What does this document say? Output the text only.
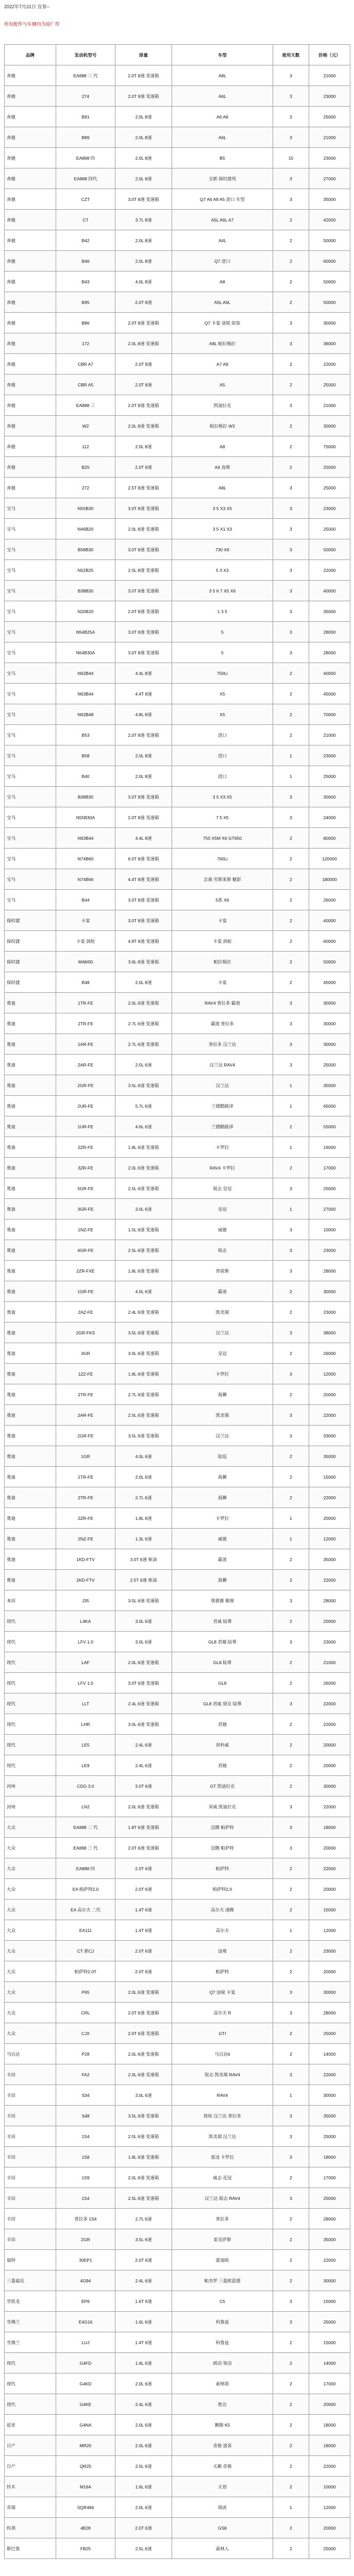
2022年7月21日 宜春--
所有配件与车辆均为原厂件
品牌	发动机型号	排量	车型	使用天数	价格（元）
奔驰	EA888 三 代	2.0T 8速 变速箱	A8L	3	21000
奔驰	274	2.0T 9速 变速箱	A6L	3	23000
奔驰	B91	2.0L 8速	A6 A8	3	25000
奔驰	B89	2.0L 8速	A6L	3	21000
奔驰	EA888 四	2.0L 8速	B5	15	23000
奔驰	EA888 四代	2.0L 8速	全新 保时捷用	3	27000
奔驰	CZT	3.0T 8速 变速箱	Q7 A6 A8 A5 进口 车型	3	35000
奔驰	CT	3.7L 8速	A5L A6L A7	2	42000
奔驰	B42	2.0L 8速	A4L	2	50000
奔驰	B46	2.0L 8速	Q7 进口	2	60000
奔驰	B43	4.0L 8速	A8	2	50000
奔驰	B95	2.0T 8速	A5L A6L	2	50000
奔驰	B86	2.0T 8速 变速箱	Q7 卡宴 途锐 原装	3	30000
奔驰	172	2.0L 8速 变速箱	A8L 帕拉梅拉	3	36000
奔驰	CBR A7	2.0T 8速	A7 A8	2	22000
奔驰	CBR A5	2.0T 8速	A5	2	25000
奔驰	EA888 三	2.0T 8速 变速箱	凯迪拉克	3	21000
奔驰	W2	2.0L 8速 变速箱	帕拉梅拉 W2	2	30000
奔驰	112	2.0L 8速	A8	2	75000
奔驰	B25	2.0T 8速	A4 直喷	2	25000
奔驰	272	2.5T 8速 变速箱	A8L	3	25000
宝马	N55B30	3.0T 8速 变速箱	3 5 X3 X5	3	23000
宝马	N46B20	2.0L 8速 变速箱	3 5 X1 X3	3	25000
宝马	B58B30	3.0T 8速 变速箱	730 X6	3	50000
宝马	N52B25	2.5L 8速 变速箱	5 3 X3	3	22000
宝马	B38B30	3.0T 8速 变速箱	3 5 6 7 X5 X6	3	40000
宝马	N20B20	2.0T 8速 变速箱	1 3 5	3	35000
宝马	N54B25A	3.0T 8速 变速箱	5	3	28000
宝马	N54B30A	3.0T 8速 变速箱	5	3	28000
宝马	N62B44	4.4L 8速	750Li	2	40000
宝马	N63B44	4.4T 8速	X5	2	45000
宝马	N62B48	4.8L 8速	X5	2	70000
宝马	B53	2.0T 8速 变速箱	进口	2	21000
宝马	B58	2.0L 8速	进口	1	23000
宝马	B40	2.0L 8速	进口	1	25000
宝马	B38B30	3.0T 8速 变速箱	3 5 X3 X5	3	30000
宝马	N55B30A	2.0T 8速 变速箱	7 5 X5	3	24000
宝马	N63B44	4.4L 8速	750 X5M X6 GT650	2	80000
宝马	N74B60	6.0T 8速 变速箱	760Li	2	120000
宝马	N74B66	4.4T 8速 变速箱	总裁 劳斯莱斯 魅影	2	180000
宝马	B44	3.0T 8速 变速箱	5系 X6	2	26000
保时捷	卡宴	3.0T 8速 变速箱	卡宴	2	40000
保时捷	卡宴 涡轮	4.8T 8速 变速箱	卡宴 涡轮	2	60000
保时捷	M48/00	3.6L 8速 变速箱	帕拉梅拉	2	50000
保时捷	B48	2.0L 8速	卡宴	2	45000
奥迪	1TR-FE	2.0L 6速 变速箱	RAV4 普拉多 霸道	3	30000
奥迪	2TR-FE	2.7L 6速 变速箱	霸道 普拉多	3	30000
奥迪	1AR-FE	2.7L 6速 变速箱	普拉多 汉兰达	3	30000
奥迪	2AR-FE	2.5L 6速	汉兰达 RAV4	3	25000
奥迪	2GR-FE	3.5L 6速 变速箱	汉兰达	1	35000
奥迪	2UR-FE	5.7L 6速	兰德酷路泽	1	65000
奥迪	1UR-FE	4.6L 6速	兰德酷路泽	2	55000
奥迪	2ZR-FE	1.8L 6速 变速箱	卡罗拉	1	16000
奥迪	3ZR-FE	2.0L 6速 变速箱	RAV4 卡罗拉	2	17000
奥迪	5GR-FE	2.5L 6速 变速箱	锐志 皇冠	3	25000
奥迪	3GR-FE	3.0L 6速	皇冠	1	27000
奥迪	1NZ-FE	1.5L 6速 变速箱	威驰	3	10000
奥迪	4GR-FE	2.5L 6速 变速箱	锐志	3	23000
奥迪	2ZR-FXE	1.8L 6速 变速箱	普锐斯	3	28000
奥迪	1GR-FE	4.0L 6速	霸道	2	30000
奥迪	2AZ-FE	2.4L 6速 变速箱	凯美瑞	2	23000
奥迪	2GR-FKS	3.5L 6速 变速箱	汉兰达	3	38000
奥迪	3GR	3.0L 6速 变速箱	皇冠	2	26000
奥迪	1ZZ-FE	1.8L 6速 变速箱	卡罗拉	3	12000
奥迪	2TR-FE	2.7L 6速 变速箱	海狮	2	20000
奥迪	2AR-FE	2.5L 6速 变速箱	凯美瑞	3	22000
奥迪	2GR-FE	3.5L 6速 变速箱	汉兰达	3	33000
奥迪	1GR	4.0L 6速	陆巡	2	35000
奥迪	1TR-FE	2.0L 6速	海狮	2	15000
奥迪	2TR-FE	2.7L 6速	海狮	2	22000
奥迪	2ZR-FE	1.8L 6速	卡罗拉	1	20000
奥迪	2NZ-FE	1.3L 6速	威驰	1	12000
奥迪	1KD-FTV	3.0T 6速 柴油	霸道	2	35000
奥迪	2KD-FTV	2.5T 6速 柴油	海狮	2	22000
本田	J35	3.5L 6速 变速箱	奥德赛 雅阁	3	28000
现代	L4KA	3.0L 6速	君威 陆尊	2	20000
现代	LFV 1.0	3.0L 6速	GL8 君越 陆尊	3	23000
现代	LAF	2.0L 6速 变速箱	GL8 陆尊	2	21000
现代	LFV 1.0	3.0T 6速 变速箱	GL8	2	26000
现代	LLT	2.4L 6速 变速箱	GL8 君威 别克 陆尊	3	22000
现代	LHR	3.0L 6速 变速箱	君越	2	22000
现代	LE5	2.4L 6速	昂科威	2	20000
现代	LE9	2.4L 6速	君越	2	20000
河州	CDG 3.0	3.0T 6速	GT 凯迪拉克	2	30000
河州	LN2	2.0L 6速 变速箱	荣威 凯迪拉克	3	22000
大众	EA888 二 代	1.8T 6速 变速箱	迈腾 帕萨特	3	18000
大众	EA888 三 代	2.0T 6速 变速箱	迈腾 帕萨特	3	20000
大众	EA888 四	2.0T 6速	帕萨特	2	22000
大众	EA 帕萨特2.0	2.0T 6速	帕萨特2.0	2	20000
大众	EA 高尔夫 二代	1.4T 6速	高尔夫 速腾	2	15000
大众	EA111	1.4T 6速	高尔夫	1	12000
大众	CT 新CJ	2.0T 6速	途观	2	23000
大众	帕萨特2.0T	2.0T 6速	帕萨特	2	20000
大众	P65	2.0L 6速 变速箱	Q7 途锐 卡宴	3	30000
大众	CRL	2.0T 6速 变速箱	高尔夫 R	3	28000
大众	CJX	2.0T 6速 变速箱	GTI	2	25000
马自达	P28	2.0L 6速 变速箱	马自达6	2	14000
丰田	FA2	2.0L 6速 变速箱	锐志 凯美瑞 RAV4	3	22000
丰田	S34	3.0L 6速	RAV4	1	30000
丰田	S48	3.5L 6速 变速箱	致炫 汉兰达 普拉多	3	35000
丰田	1S4	2.5L 6速 变速箱	凯美瑞 汉兰达	3	25000
丰田	1S8	1.8L 6速 变速箱	雷凌 卡罗拉	3	18000
丰田	1S9	2.0L 6速 变速箱	威志 花冠	2	17000
丰田	1S4	2.5L 6速 变速箱	汉兰达 锐志 RAV4	3	25000
丰田	普拉多 1S4	2.7L 6速	普拉多	2	28000
丰田	2GR	3.5L 6速	雷克萨斯	2	35000
福特	30EP1	2.0T 6速	蒙迪欧	2	22000
三菱福克	4G94	2.4L 6速	帕杰罗 三菱欧蓝德	2	30000
雪铁龙	EP6	1.6T 6速	C5	3	15000
雪佛兰	E4G16	1.6L 6速	科鲁兹	3	25000
雪佛兰	LUJ	1.4T 6速	科鲁兹	2	15000
现代	G4FD	1.6L 6速	朗动 领动	2	14000
现代	G4KD	2.0L 6速	索纳塔	2	17000
现代	G4KE	2.4L 6速	胜达	2	20000
起亚	G4NA	2.0L 6速	狮跑 K5	2	18000
日产	MR20	2.0L 6速	奇骏 逍客	2	18000
日产	QR25	2.5L 6速	天籁 奇骏	2	22000
铃木	M16A	1.6L 6速	天语	2	10000
奇瑞	SQR484	2.0L 6速	瑞虎	1	12000
传祺	4B28	2.0T 6速	GS8	2	20000
斯巴鲁	FB25	2.5L 6速	森林人	2	25000
